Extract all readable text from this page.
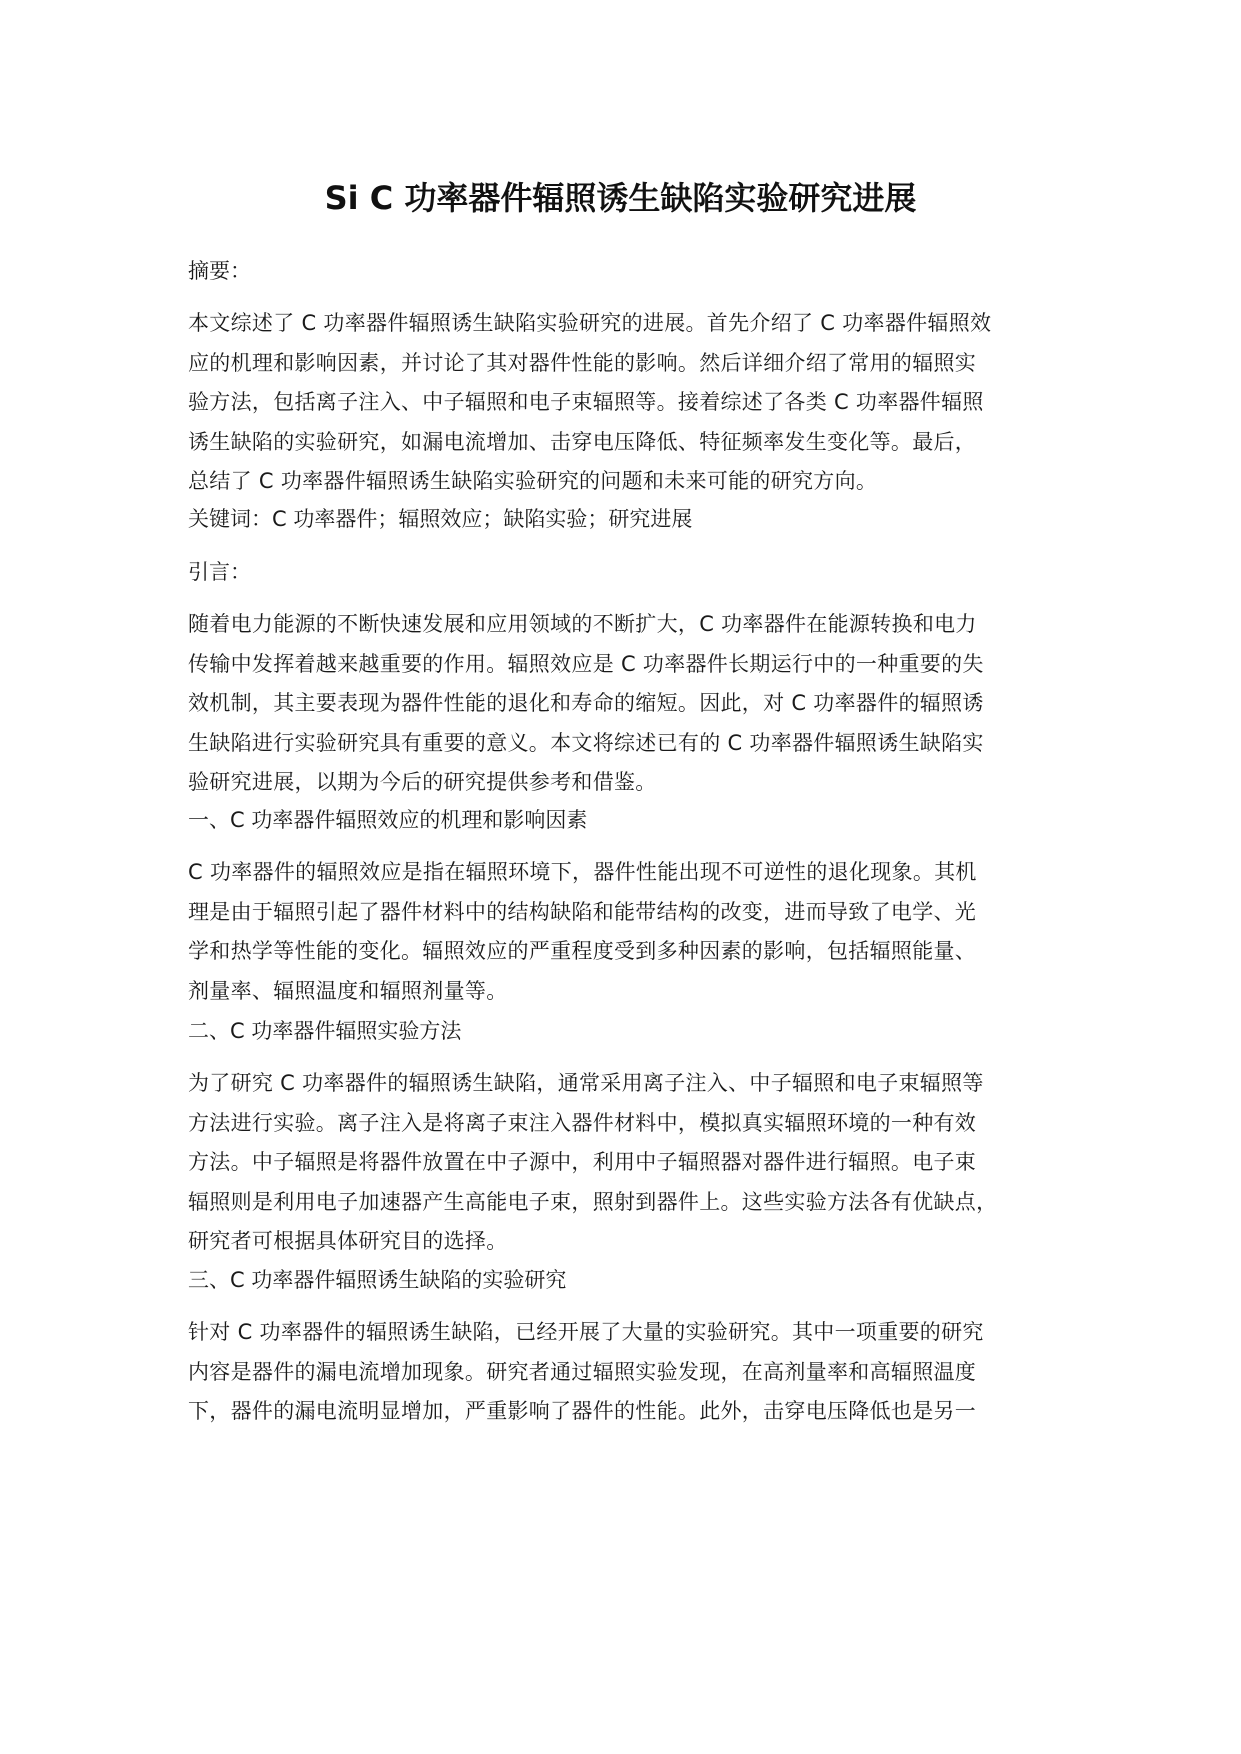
Si C 功率器件辐照诱生缺陷实验研究进展

摘要：

本文综述了 C 功率器件辐照诱生缺陷实验研究的进展。首先介绍了 C 功率器件辐照效
应的机理和影响因素，并讨论了其对器件性能的影响。然后详细介绍了常用的辐照实
验方法，包括离子注入、中子辐照和电子束辐照等。接着综述了各类 C 功率器件辐照
诱生缺陷的实验研究，如漏电流增加、击穿电压降低、特征频率发生变化等。最后，
总结了 C 功率器件辐照诱生缺陷实验研究的问题和未来可能的研究方向。

关键词：C 功率器件；辐照效应；缺陷实验；研究进展

引言：

随着电力能源的不断快速发展和应用领域的不断扩大，C 功率器件在能源转换和电力
传输中发挥着越来越重要的作用。辐照效应是 C 功率器件长期运行中的一种重要的失
效机制，其主要表现为器件性能的退化和寿命的缩短。因此，对 C 功率器件的辐照诱
生缺陷进行实验研究具有重要的意义。本文将综述已有的 C 功率器件辐照诱生缺陷实
验研究进展，以期为今后的研究提供参考和借鉴。

一、C 功率器件辐照效应的机理和影响因素

C 功率器件的辐照效应是指在辐照环境下，器件性能出现不可逆性的退化现象。其机
理是由于辐照引起了器件材料中的结构缺陷和能带结构的改变，进而导致了电学、光
学和热学等性能的变化。辐照效应的严重程度受到多种因素的影响，包括辐照能量、
剂量率、辐照温度和辐照剂量等。

二、C 功率器件辐照实验方法

为了研究 C 功率器件的辐照诱生缺陷，通常采用离子注入、中子辐照和电子束辐照等
方法进行实验。离子注入是将离子束注入器件材料中，模拟真实辐照环境的一种有效
方法。中子辐照是将器件放置在中子源中，利用中子辐照器对器件进行辐照。电子束
辐照则是利用电子加速器产生高能电子束，照射到器件上。这些实验方法各有优缺点，
研究者可根据具体研究目的选择。

三、C 功率器件辐照诱生缺陷的实验研究

针对 C 功率器件的辐照诱生缺陷，已经开展了大量的实验研究。其中一项重要的研究
内容是器件的漏电流增加现象。研究者通过辐照实验发现，在高剂量率和高辐照温度
下，器件的漏电流明显增加，严重影响了器件的性能。此外，击穿电压降低也是另一
